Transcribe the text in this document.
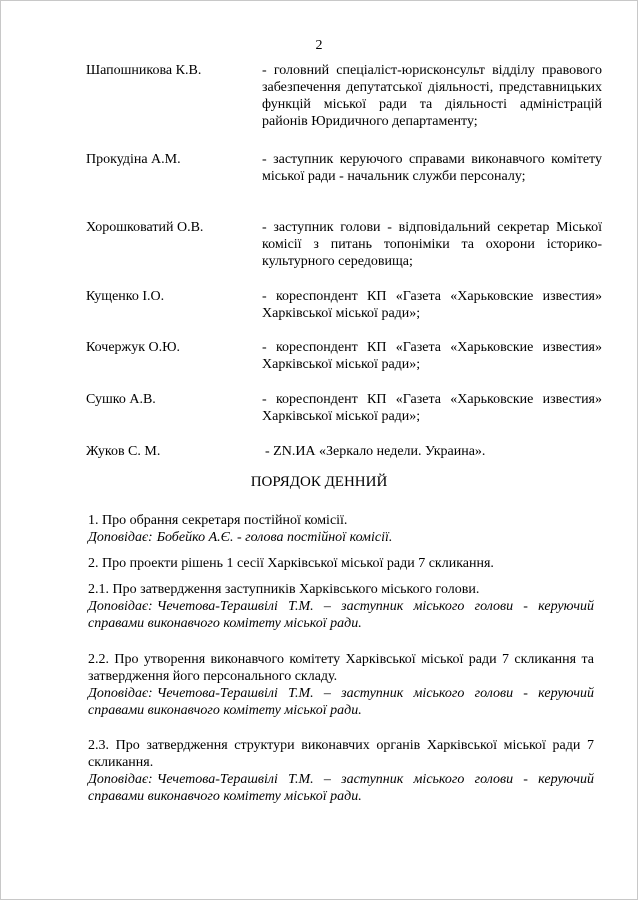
2
Шапошникова К.В.	- головний спеціаліст-юрисконсульт відділу правового забезпечення депутатської діяльності, представницьких функцій міської ради та діяльності адміністрацій районів Юридичного департаменту;
Прокудіна А.М.	- заступник керуючого справами виконавчого комітету міської ради - начальник служби персоналу;
Хорошковатий О.В.	- заступник голови - відповідальний секретар Міської комісії з питань топоніміки та охорони історико-культурного середовища;
Кущенко І.О.	- кореспондент КП «Газета «Харьковские известия» Харківської міської ради»;
Кочержук О.Ю.	- кореспондент КП «Газета «Харьковские известия» Харківської міської ради»;
Сушко А.В.	- кореспондент КП «Газета «Харьковские известия» Харківської міської ради»;
Жуков С. М.	- ZN.ИА «Зеркало недели. Украина».
ПОРЯДОК ДЕННИЙ
1. Про обрання секретаря постійної комісії.
Доповідає: Бобейко А.Є. - голова постійної комісії.
2. Про проекти рішень 1 сесії Харківської міської ради 7 скликання.
2.1. Про затвердження заступників Харківського міського голови.
Доповідає: Чечетова-Терашвілі Т.М. – заступник міського голови - керуючий справами виконавчого комітету міської ради.
2.2. Про утворення виконавчого комітету Харківської міської ради 7 скликання та затвердження його персонального складу.
Доповідає: Чечетова-Терашвілі Т.М. – заступник міського голови - керуючий справами виконавчого комітету міської ради.
2.3. Про затвердження структури виконавчих органів Харківської міської ради 7 скликання.
Доповідає: Чечетова-Терашвілі Т.М. – заступник міського голови - керуючий справами виконавчого комітету міської ради.
